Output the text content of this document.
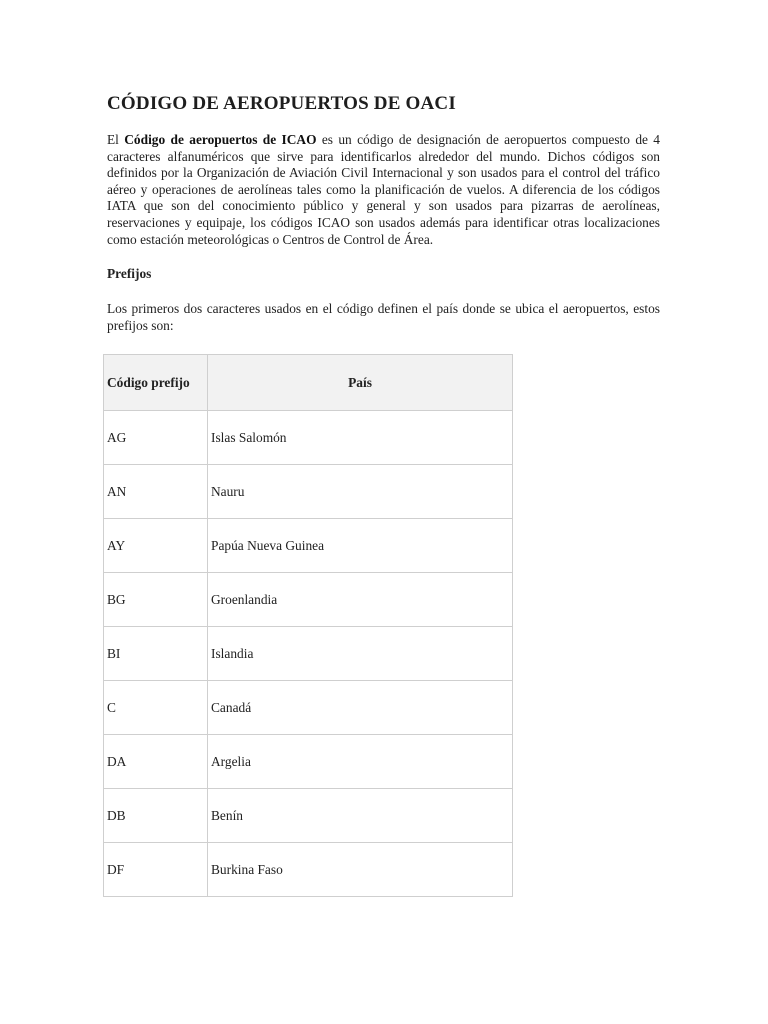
CÓDIGO DE AEROPUERTOS DE OACI

El Código de aeropuertos de ICAO es un código de designación de aeropuertos compuesto de 4 caracteres alfanuméricos que sirve para identificarlos alrededor del mundo. Dichos códigos son definidos por la Organización de Aviación Civil Internacional y son usados para el control del tráfico aéreo y operaciones de aerolíneas tales como la planificación de vuelos. A diferencia de los códigos IATA que son del conocimiento público y general y son usados para pizarras de aerolíneas, reservaciones y equipaje, los códigos ICAO son usados además para identificar otras localizaciones como estación meteorológicas o Centros de Control de Área.

Prefijos

Los primeros dos caracteres usados en el código definen el país donde se ubica el aeropuertos, estos prefijos son:

Código prefijo	País
AG	Islas Salomón
AN	Nauru
AY	Papúa Nueva Guinea
BG	Groenlandia
BI	Islandia
C	Canadá
DA	Argelia
DB	Benín
DF	Burkina Faso
